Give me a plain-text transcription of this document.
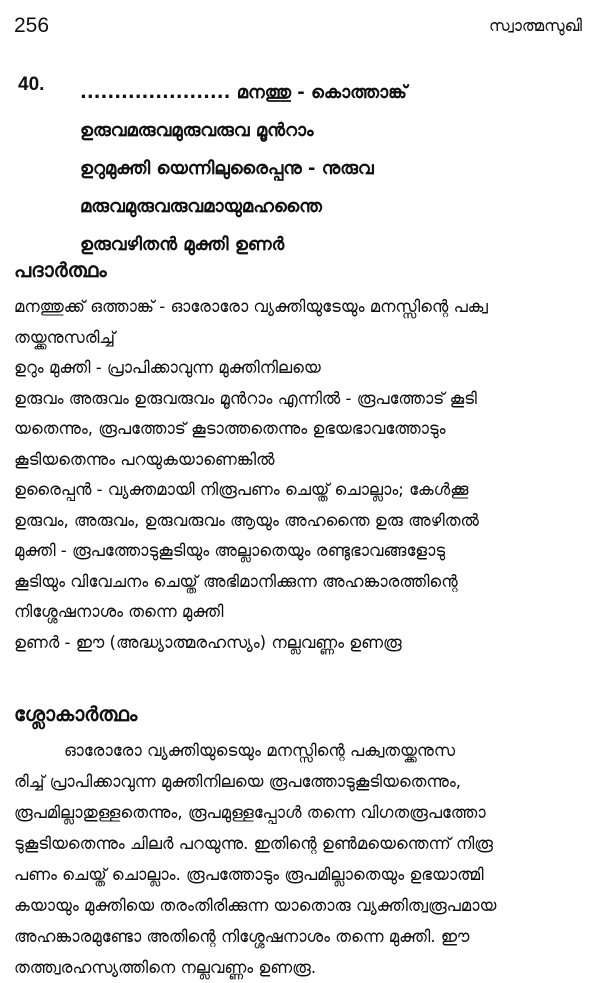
256	സ്വാത്മസുഖി
40. ...................... മനത്തു - കൊത്താങ്ക്
ഉരുവമരുവമുരുവരുവ മൂൻറാം
ഉറുമുക്തി യെന്നിലുരൈപ്പനു - നുരുവ
മരുവമുരുവരുവമായുമഹന്തൈ
ഉരുവഴിതൻ മുക്തി ഉണർ
പദാർത്ഥം
മനത്തുക്ക് ഒത്താങ്ക് - ഓരോരോ വ്യക്തിയുടേയും മനസ്സിന്റെ പക്വ
തയ്ക്കനുസരിച്ച്
ഉറും മുക്തി - പ്രാപിക്കാവുന്ന മുക്തിനിലയെ
ഉരുവം അരുവം ഉരുവരുവം മൂൻറാം എന്നിൽ - രൂപത്തോട് കൂടി
യതെന്നും, രൂപത്തോട് കൂടാത്തതെന്നും ഉഭയഭാവത്തോടും
കൂടിയതെന്നും പറയുകയാണെങ്കിൽ
ഉരൈപ്പൻ - വ്യക്തമായി നിരൂപണം ചെയ്ത് ചൊല്ലാം; കേൾക്കൂ
ഉരുവം, അരുവം, ഉരുവരുവം ആയും അഹന്തൈ ഉരു അഴിതൽ
മുക്തി - രൂപത്തോടുകൂടിയും അല്ലാതെയും രണ്ടുഭാവങ്ങളോടു
കൂടിയും വിവേചനം ചെയ്ത് അഭിമാനിക്കുന്ന അഹങ്കാരത്തിന്റെ
നിശ്ശേഷനാശം തന്നെ മുക്തി
ഉണർ - ഈ (അദ്ധ്യാത്മരഹസ്യം) നല്ലവണ്ണം ഉണരൂ
ശ്ലോകാർത്ഥം
ഓരോരോ വ്യക്തിയുടെയും മനസ്സിന്റെ പക്വതയ്ക്കനുസ
രിച്ച് പ്രാപിക്കാവുന്ന മുക്തിനിലയെ രൂപത്തോടുകൂടിയതെന്നും,
രൂപമില്ലാതുള്ളതെന്നും, രൂപമുള്ളപ്പോൾ തന്നെ വിഗതരൂപത്തോ
ടുകൂടിയതെന്നും ചിലർ പറയുന്നു. ഇതിന്റെ ഉൺമയെന്തെന്ന് നിരൂ
പണം ചെയ്ത് ചൊല്ലാം. രൂപത്തോടും രൂപമില്ലാതെയും ഉഭയാത്മി
കയായും മുക്തിയെ തരംതിരിക്കുന്ന യാതൊരു വ്യക്തിത്വരൂപമായ
അഹങ്കാരമുണ്ടോ അതിന്റെ നിശ്ശേഷനാശം തന്നെ മുക്തി. ഈ
തത്ത്വരഹസ്യത്തിനെ നല്ലവണ്ണം ഉണരൂ.
